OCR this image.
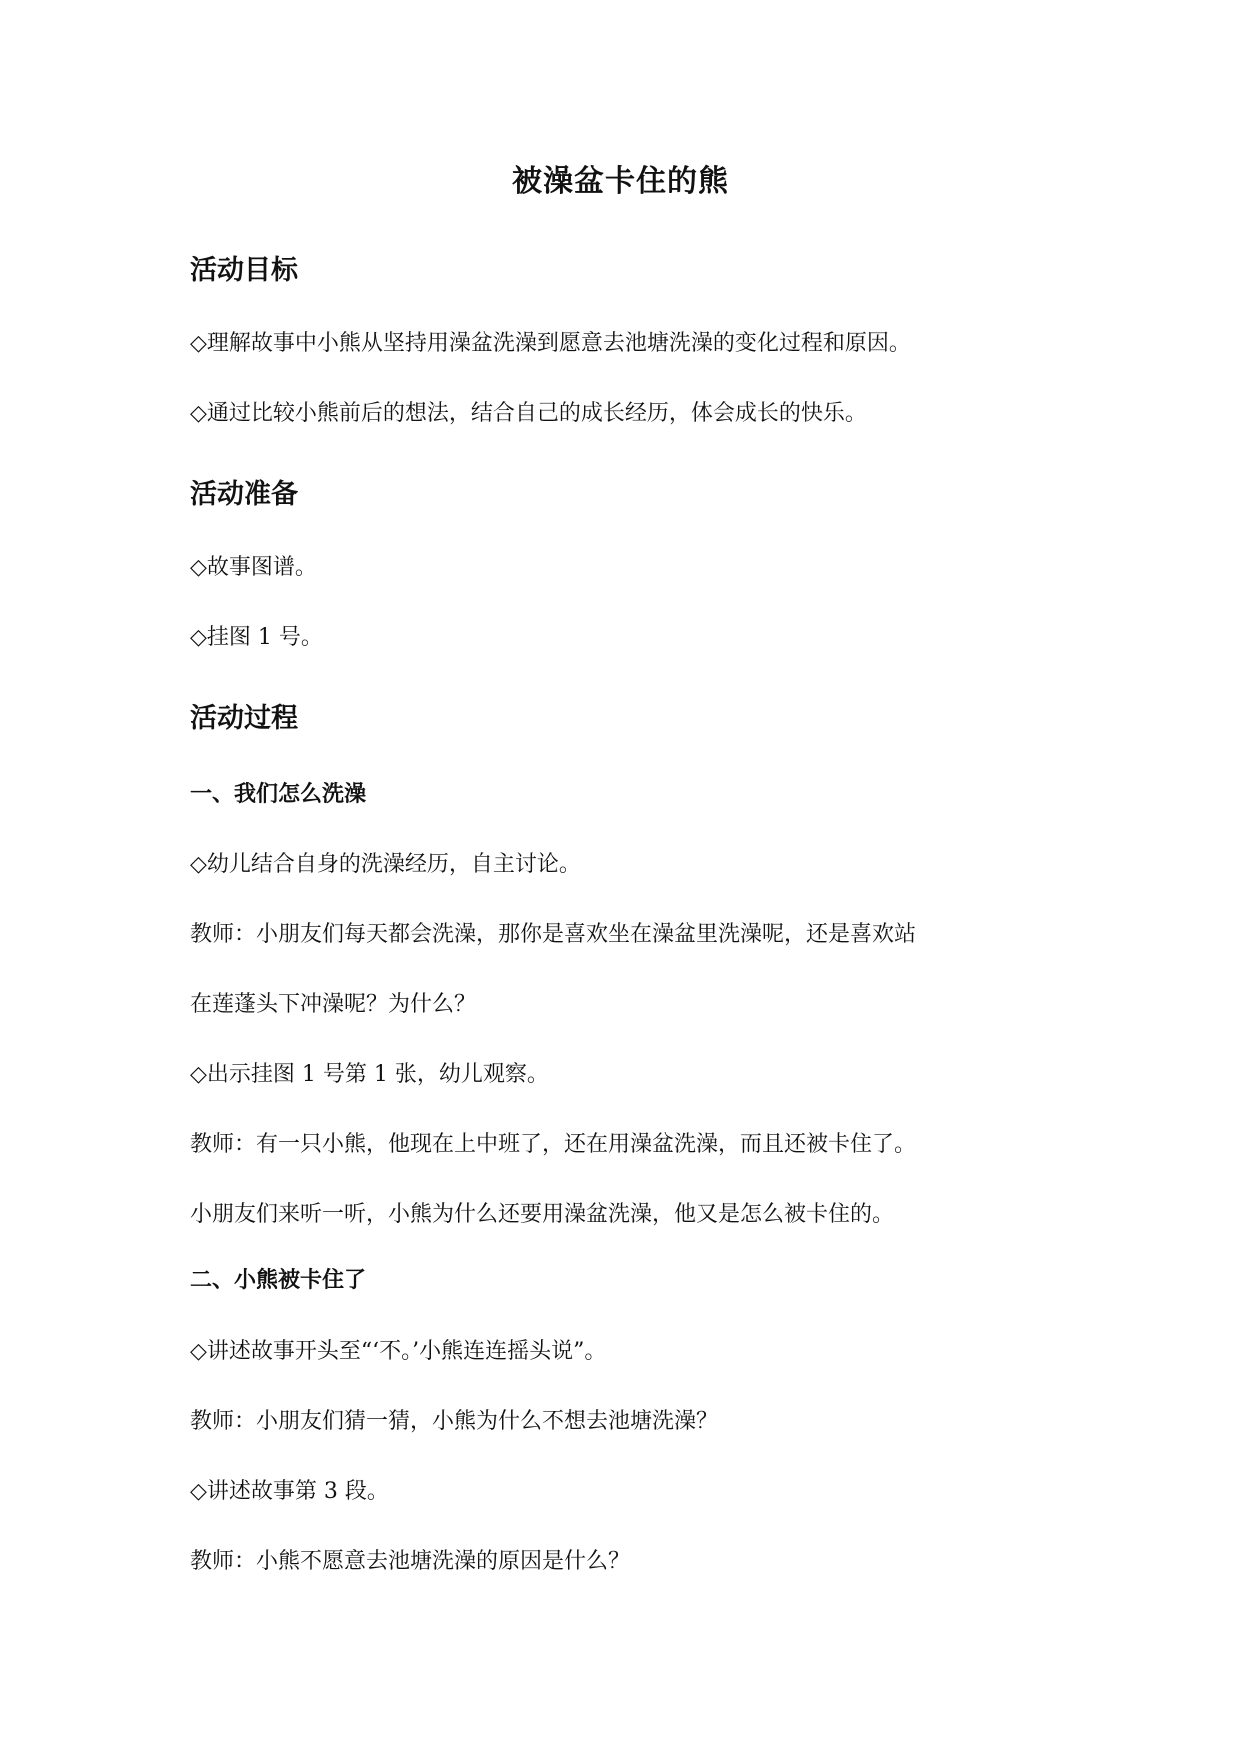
被澡盆卡住的熊
活动目标
◇理解故事中小熊从坚持用澡盆洗澡到愿意去池塘洗澡的变化过程和原因。
◇通过比较小熊前后的想法，结合自己的成长经历，体会成长的快乐。
活动准备
◇故事图谱。
◇挂图 1 号。
活动过程
一、我们怎么洗澡
◇幼儿结合自身的洗澡经历，自主讨论。
教师：小朋友们每天都会洗澡，那你是喜欢坐在澡盆里洗澡呢，还是喜欢站
在莲蓬头下冲澡呢？为什么？
◇出示挂图 1 号第 1 张，幼儿观察。
教师：有一只小熊，他现在上中班了，还在用澡盆洗澡，而且还被卡住了。
小朋友们来听一听，小熊为什么还要用澡盆洗澡，他又是怎么被卡住的。
二、小熊被卡住了
◇讲述故事开头至“‘不。’小熊连连摇头说”。
教师：小朋友们猜一猜，小熊为什么不想去池塘洗澡？
◇讲述故事第 3 段。
教师：小熊不愿意去池塘洗澡的原因是什么？
